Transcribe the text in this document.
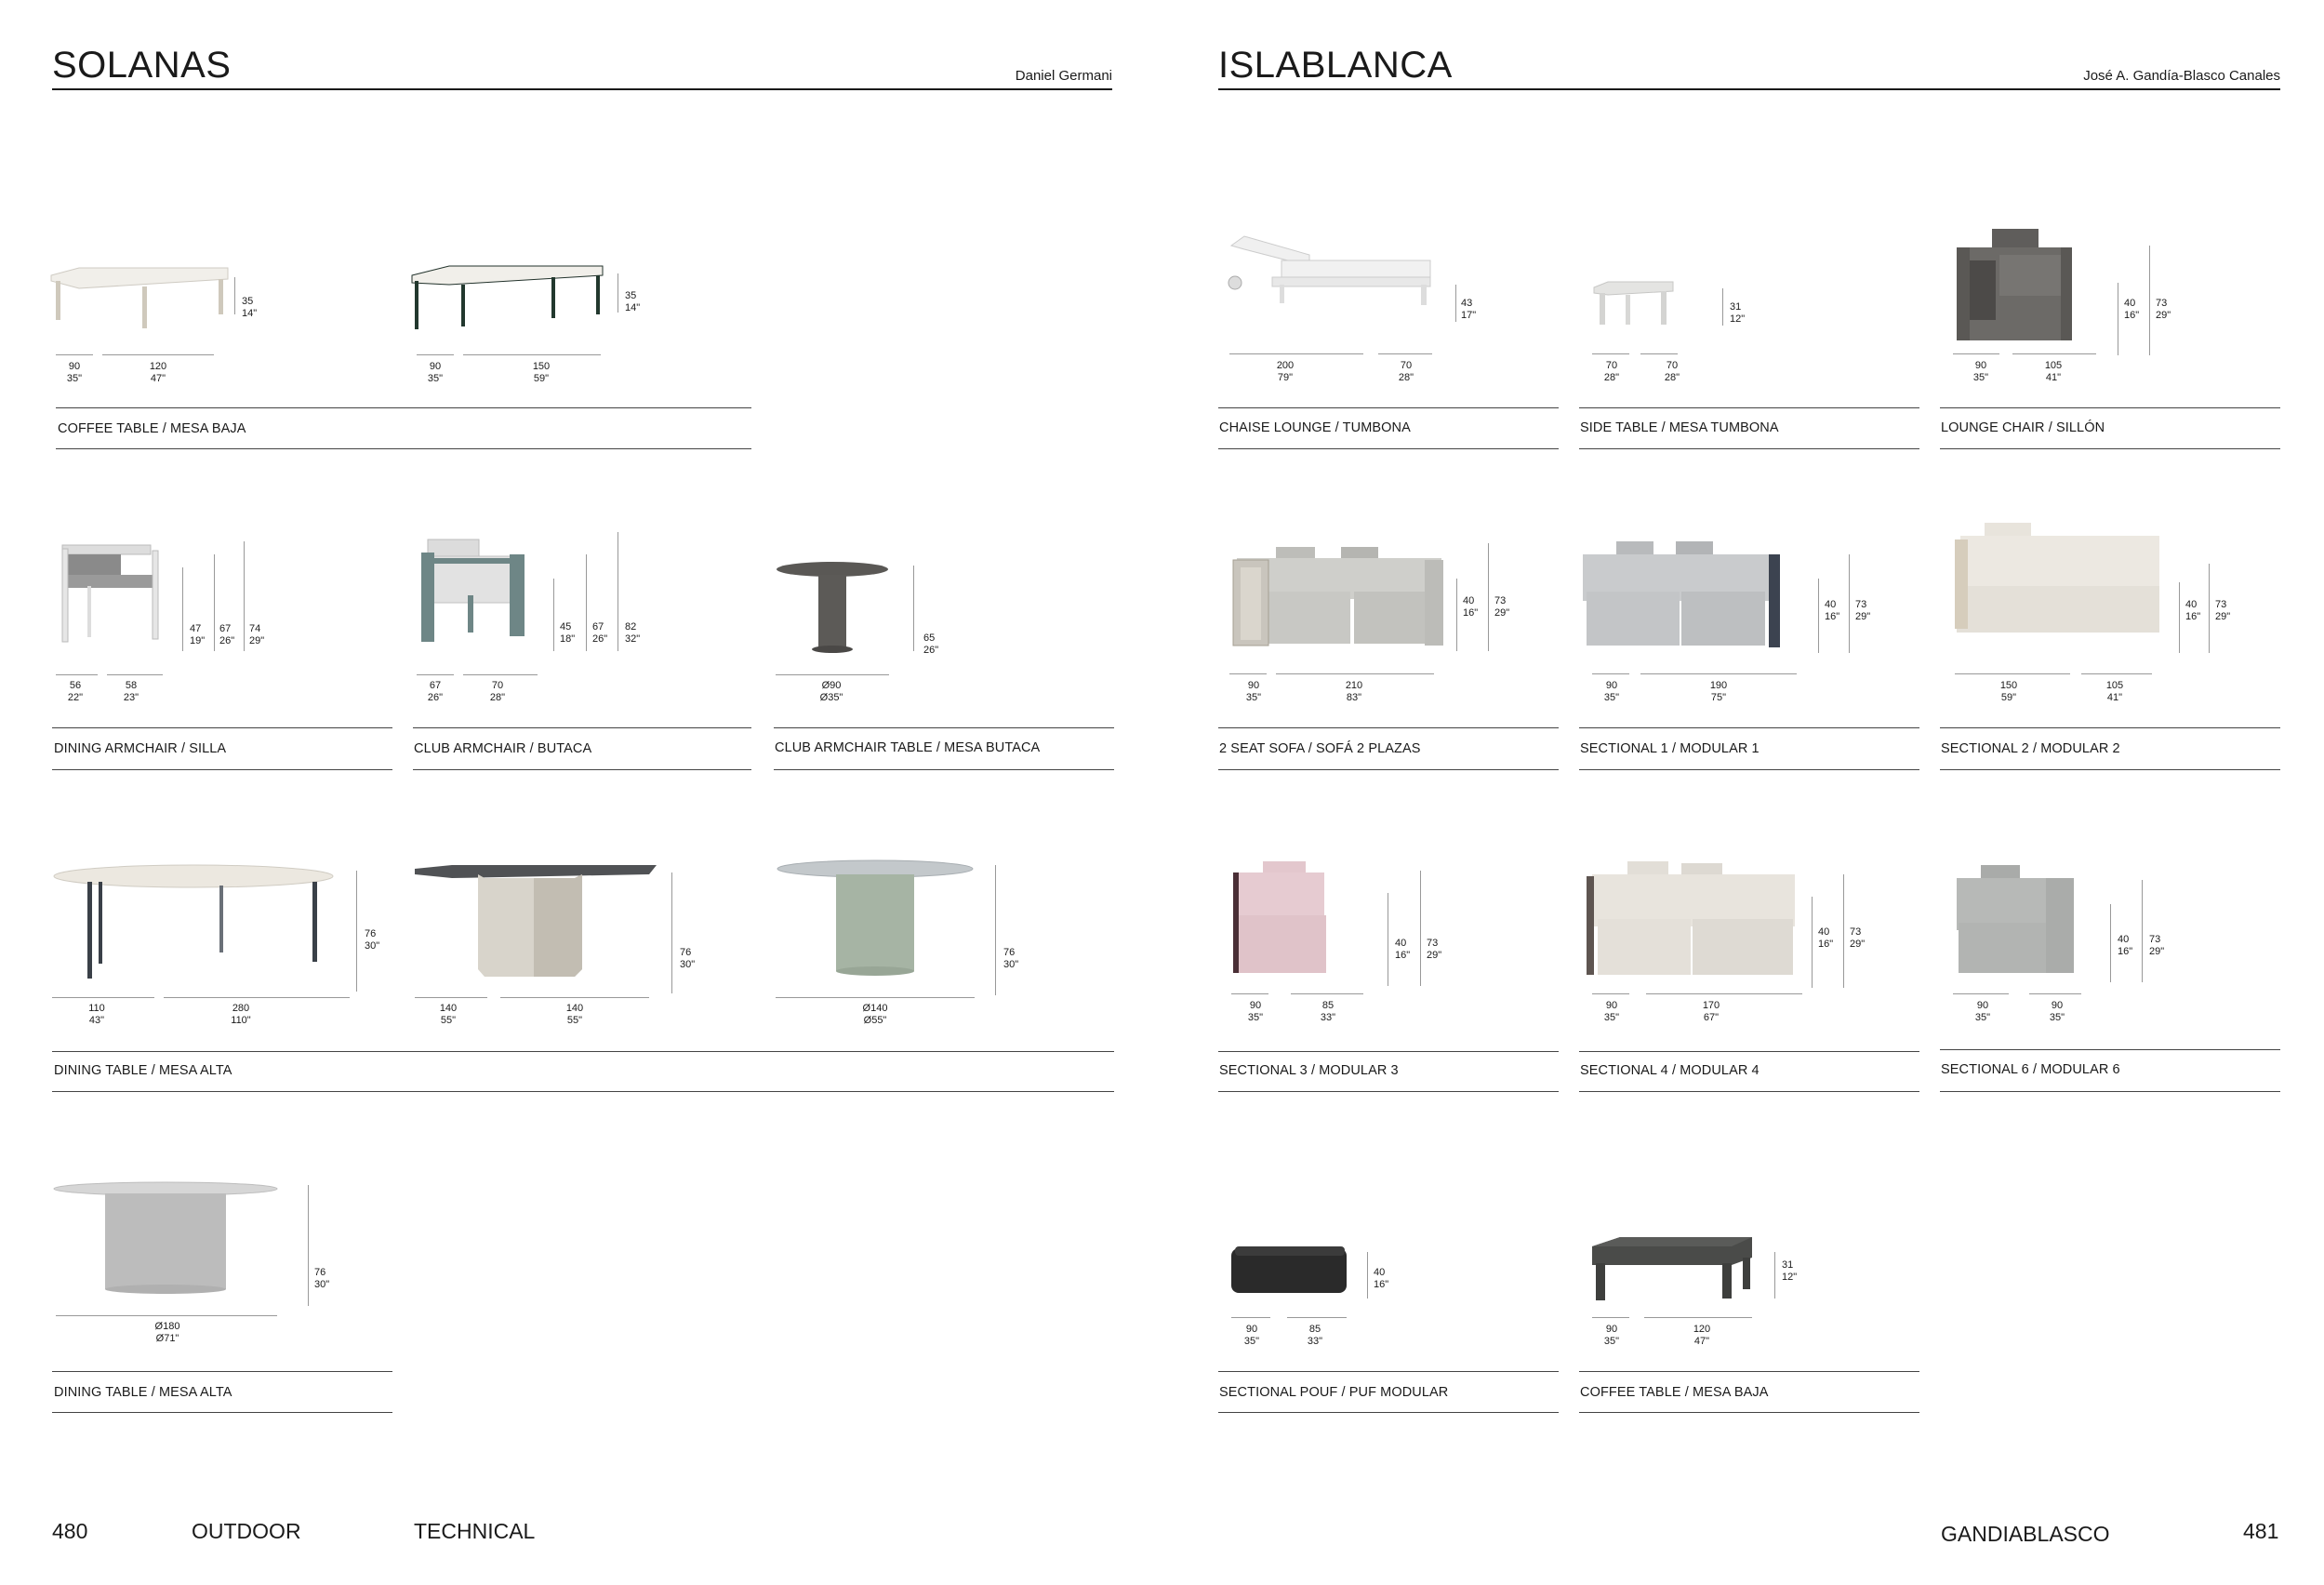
SOLANAS	Daniel Germani	ISLABLANCA	José A. Gandía-Blasco Canales
35
14"
90
35"
120
47"
35
14"
90
35"
150
59"
COFFEE TABLE / MESA BAJA
47
19"
67
26"
74
29"
56
22"
58
23"
DINING ARMCHAIR / SILLA
45
18"
67
26"
82
32"
67
26"
70
28"
CLUB ARMCHAIR / BUTACA
65
26"
Ø90
Ø35"
CLUB ARMCHAIR TABLE / MESA BUTACA
76
30"
110
43"
280
110"
76
30"
140
55"
140
55"
76
30"
Ø140
Ø55"
DINING TABLE / MESA ALTA
76
30"
Ø180
Ø71"
DINING TABLE / MESA ALTA
43
17"
200
79"
70
28"
CHAISE LOUNGE / TUMBONA
31
12"
70
28"
70
28"
SIDE TABLE / MESA TUMBONA
40
16"
73
29"
90
35"
105
41"
LOUNGE CHAIR / SILLÓN
40
16"
73
29"
90
35"
210
83"
2 SEAT SOFA / SOFÁ 2 PLAZAS
40
16"
73
29"
90
35"
190
75"
SECTIONAL 1 / MODULAR 1
40
16"
73
29"
150
59"
105
41"
SECTIONAL 2 / MODULAR 2
40
16"
73
29"
90
35"
85
33"
SECTIONAL 3 / MODULAR 3
40
16"
73
29"
90
35"
170
67"
SECTIONAL 4 / MODULAR 4
40
16"
73
29"
90
35"
90
35"
SECTIONAL 6 / MODULAR 6
40
16"
90
35"
85
33"
SECTIONAL POUF / PUF MODULAR
31
12"
90
35"
120
47"
COFFEE TABLE / MESA BAJA
480	OUTDOOR	TECHNICAL	GANDIABLASCO	481
